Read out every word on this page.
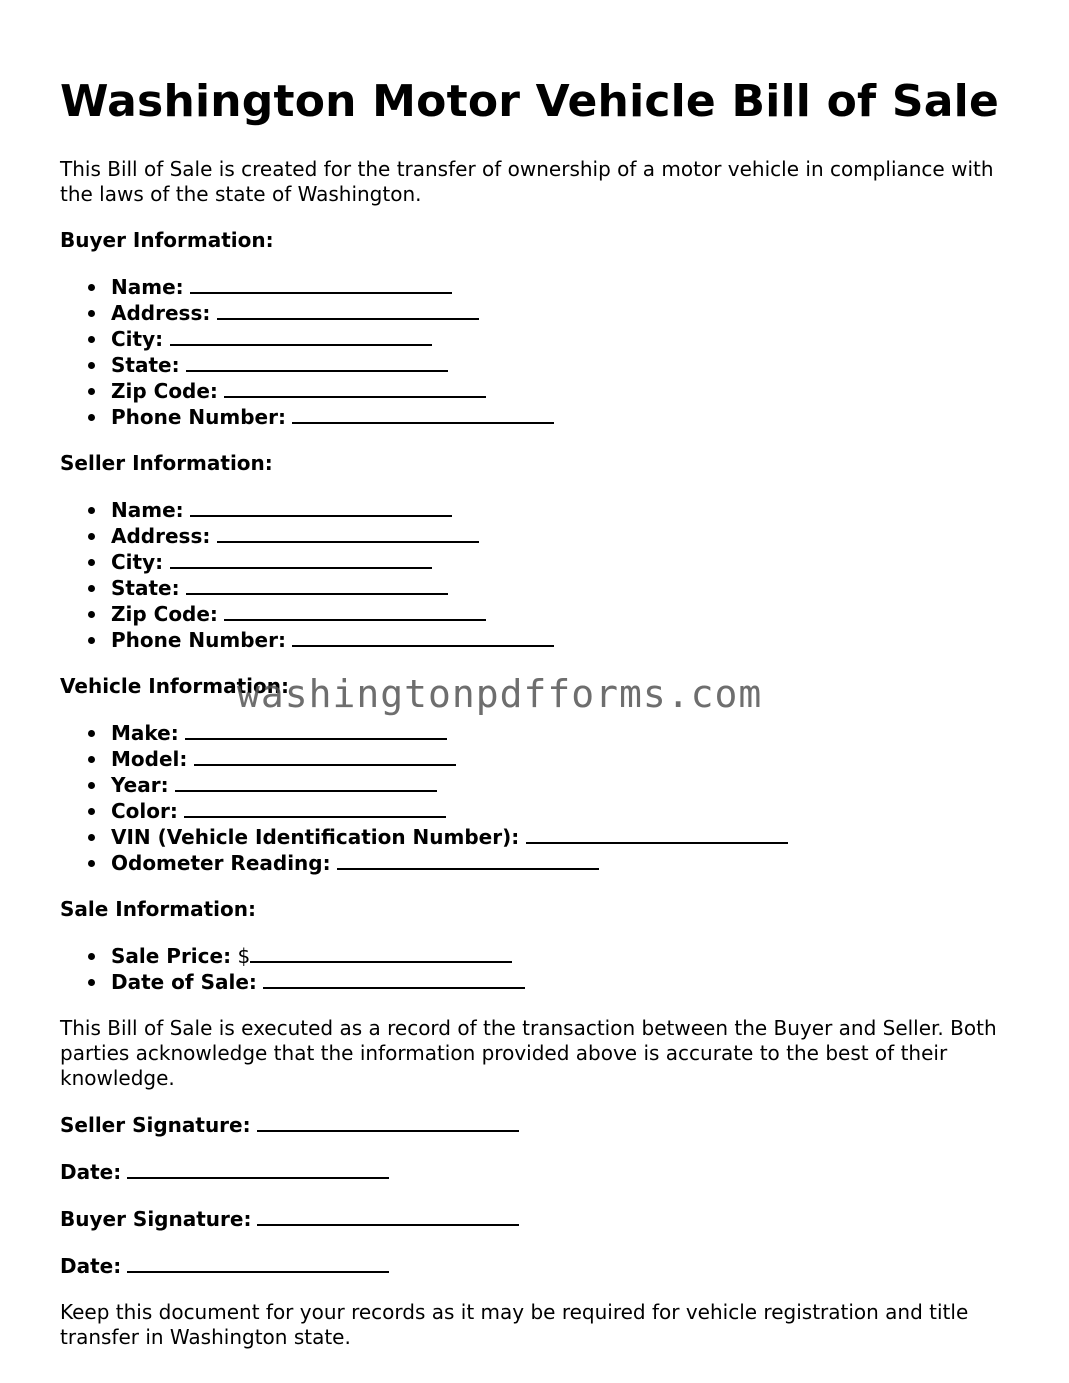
Washington Motor Vehicle Bill of Sale

This Bill of Sale is created for the transfer of ownership of a motor vehicle in compliance with the laws of the state of Washington.

Buyer Information:

Name:
Address:
City:
State:
Zip Code:
Phone Number:

Seller Information:

Name:
Address:
City:
State:
Zip Code:
Phone Number:

Vehicle Information:

Make:
Model:
Year:
Color:
VIN (Vehicle Identification Number):
Odometer Reading:

Sale Information:

Sale Price: $
Date of Sale:

This Bill of Sale is executed as a record of the transaction between the Buyer and Seller. Both parties acknowledge that the information provided above is accurate to the best of their knowledge.

Seller Signature:

Date:

Buyer Signature:

Date:

Keep this document for your records as it may be required for vehicle registration and title transfer in Washington state.

washingtonpdfforms.com
